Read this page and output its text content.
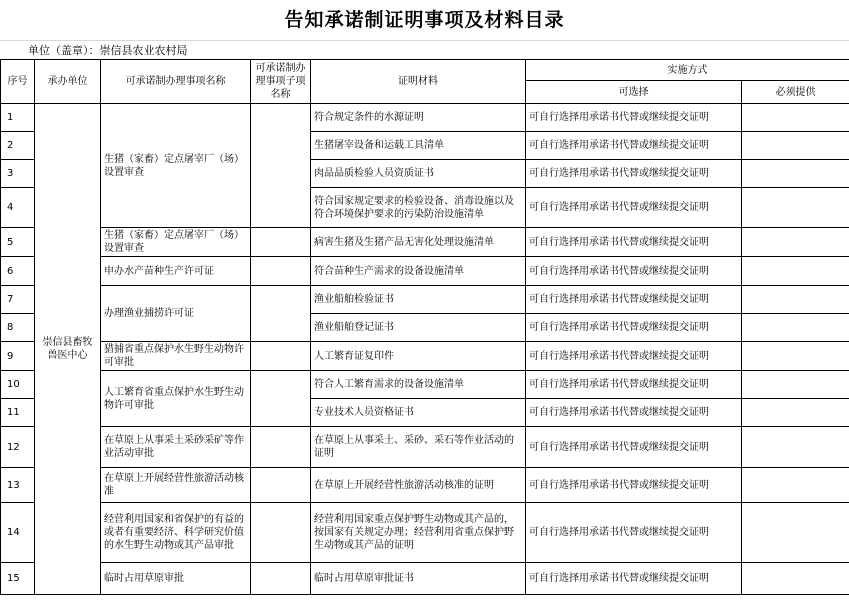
告知承诺制证明事项及材料目录
单位（盖章）：崇信县农业农村局
序号	承办单位	可承诺制办理事项名称	可承诺制办理事项子项名称	证明材料	实施方式	
					可选择	必须提供
1	崇信县畜牧兽医中心	生猪（家畜）定点屠宰厂（场）设置审查		符合规定条件的水源证明	可自行选择用承诺书代替或继续提交证明	
2				生猪屠宰设备和运载工具清单	可自行选择用承诺书代替或继续提交证明	
3				肉品品质检验人员资质证书	可自行选择用承诺书代替或继续提交证明	
4				符合国家规定要求的检验设备、消毒设施以及符合环境保护要求的污染防治设施清单	可自行选择用承诺书代替或继续提交证明	
5		生猪（家畜）定点屠宰厂（场）设置审查		病害生猪及生猪产品无害化处理设施清单	可自行选择用承诺书代替或继续提交证明	
6		申办水产苗种生产许可证		符合苗种生产需求的设备设施清单	可自行选择用承诺书代替或继续提交证明	
7		办理渔业捕捞许可证		渔业船舶检验证书	可自行选择用承诺书代替或继续提交证明	
8				渔业船舶登记证书	可自行选择用承诺书代替或继续提交证明	
9		猎捕省重点保护水生野生动物许可审批		人工繁育证复印件	可自行选择用承诺书代替或继续提交证明	
10		人工繁育省重点保护水生野生动物许可审批		符合人工繁育需求的设备设施清单	可自行选择用承诺书代替或继续提交证明	
11				专业技术人员资格证书	可自行选择用承诺书代替或继续提交证明	
12		在草原上从事采土采砂采矿等作业活动审批		在草原上从事采土、采砂、采石等作业活动的证明	可自行选择用承诺书代替或继续提交证明	
13		在草原上开展经营性旅游活动核准		在草原上开展经营性旅游活动核准的证明	可自行选择用承诺书代替或继续提交证明	
14		经营利用国家和省保护的有益的或者有重要经济、科学研究价值的水生野生动物或其产品审批		经营利用国家重点保护野生动物或其产品的，按国家有关规定办理；经营利用省重点保护野生动物或其产品的证明	可自行选择用承诺书代替或继续提交证明	
15		临时占用草原审批		临时占用草原审批证书	可自行选择用承诺书代替或继续提交证明	
